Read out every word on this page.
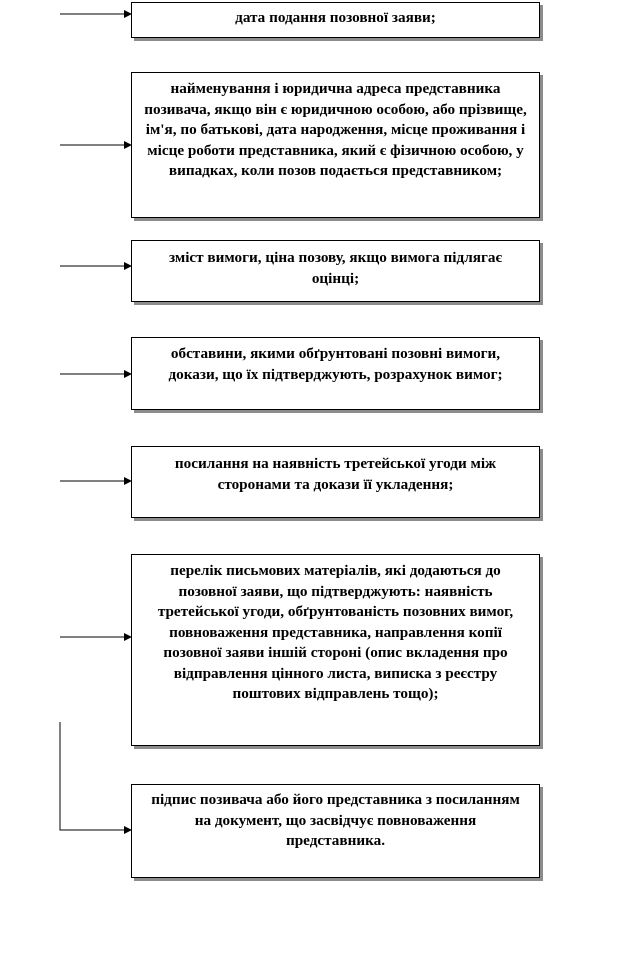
дата подання позовної заяви;
найменування і юридична адреса представника позивача, якщо він є юридичною особою, або прізвище, ім'я, по батькові, дата народження, місце проживання і місце роботи представника, який є фізичною особою, у випадках, коли позов подається представником;
зміст вимоги, ціна позову, якщо вимога підлягає оцінці;
обставини, якими обґрунтовані позовні вимоги, докази, що їх підтверджують, розрахунок вимог;
посилання на наявність третейської угоди між сторонами та докази її укладення;
перелік письмових матеріалів, які додаються до позовної заяви, що підтверджують: наявність третейської угоди, обґрунтованість позовних вимог, повноваження представника, направлення копії позовної заяви іншій стороні (опис вкладення про відправлення цінного листа, виписка з реєстру поштових відправлень тощо);
підпис позивача або його представника з посиланням на документ, що засвідчує повноваження представника.
